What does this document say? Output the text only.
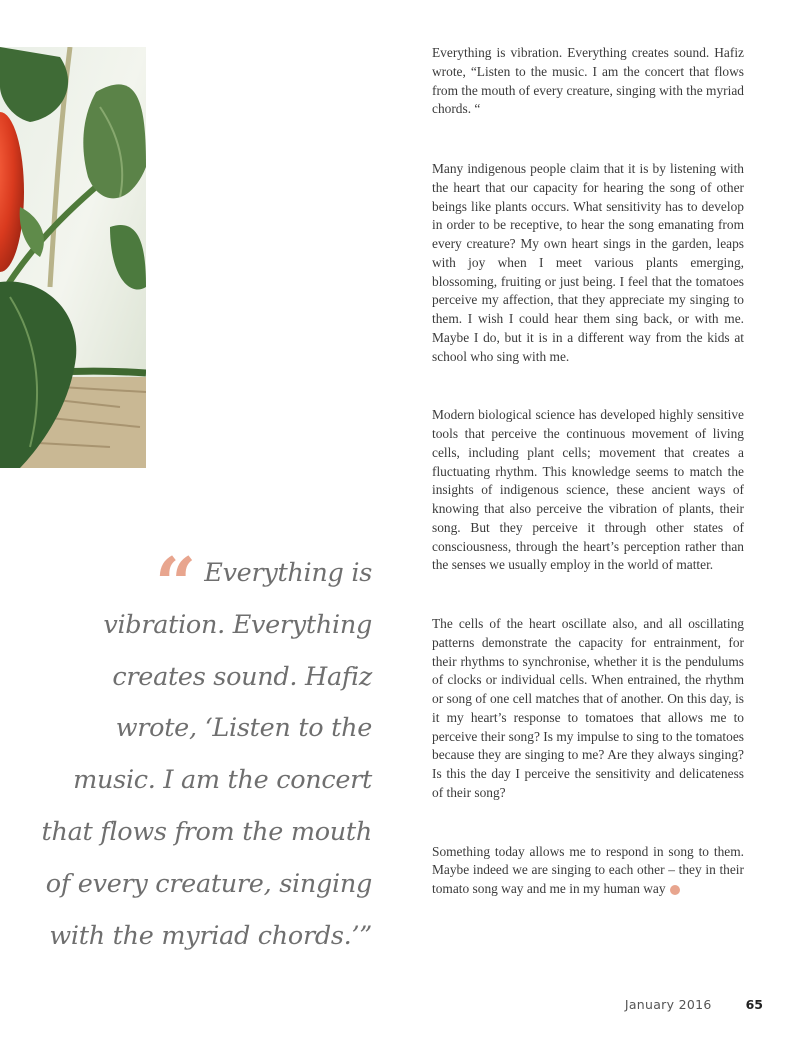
“ Everything is vibration. Everything creates sound. Hafiz wrote, ‘Listen to the music. I am the concert that flows from the mouth of every creature, singing with the myriad chords.’”

Everything is vibration. Everything creates sound. Hafiz wrote, “Listen to the music. I am the concert that flows from the mouth of every creature, singing with the myriad chords. “

Many indigenous people claim that it is by listening with the heart that our capacity for hearing the song of other beings like plants occurs. What sensitivity has to develop in order to be receptive, to hear the song emanating from every creature? My own heart sings in the garden, leaps with joy when I meet various plants emerging, blossoming, fruiting or just being. I feel that the tomatoes perceive my affection, that they appreciate my singing to them. I wish I could hear them sing back, or with me. Maybe I do, but it is in a different way from the kids at school who sing with me.

Modern biological science has developed highly sensitive tools that perceive the continuous movement of living cells, including plant cells; movement that creates a fluctuating rhythm. This knowledge seems to match the insights of indigenous science, these ancient ways of knowing that also perceive the vibration of plants, their song. But they perceive it through other states of consciousness, through the heart’s perception rather than the senses we usually employ in the world of matter.

The cells of the heart oscillate also, and all oscillating patterns demonstrate the capacity for entrainment, for their rhythms to synchronise, whether it is the pendulums of clocks or individual cells. When entrained, the rhythm or song of one cell matches that of another. On this day, is it my heart’s response to tomatoes that allows me to perceive their song? Is my impulse to sing to the tomatoes because they are singing to me? Are they always singing? Is this the day I perceive the sensitivity and delicateness of their song?

Something today allows me to respond in song to them. Maybe indeed we are singing to each other – they in their tomato song way and me in my human way

January 2016	65
